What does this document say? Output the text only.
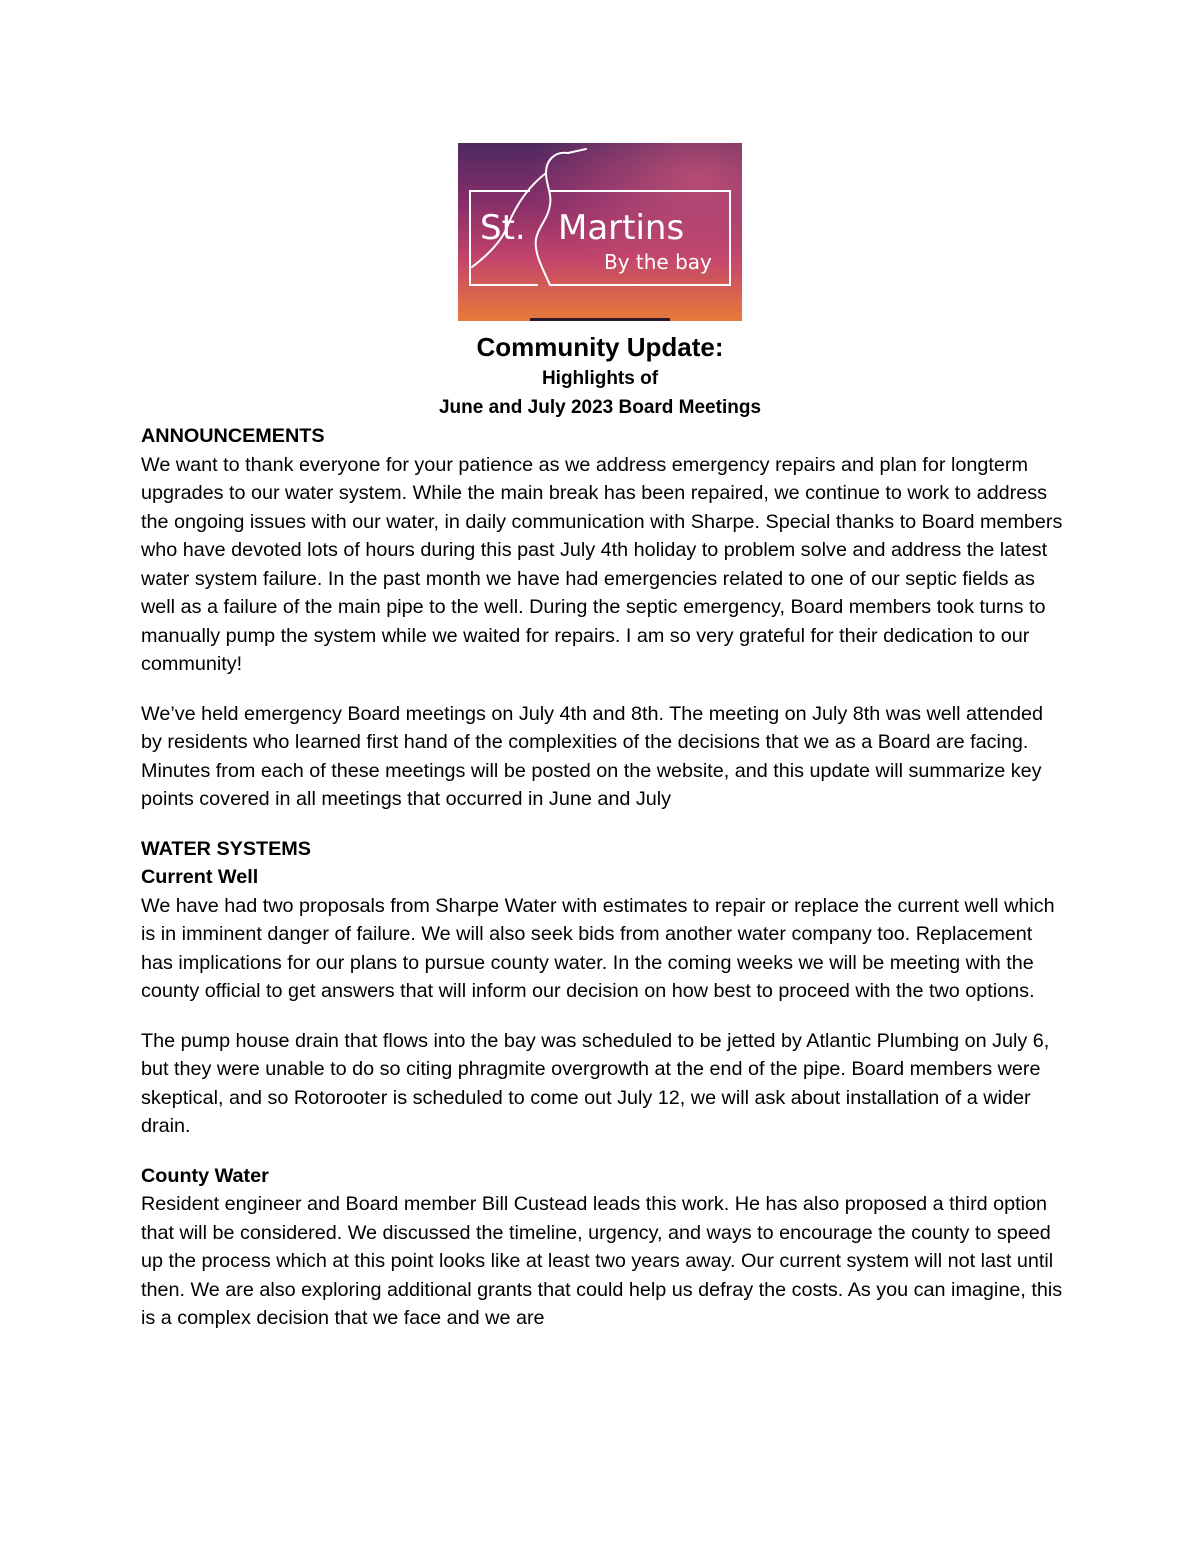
St. Martins
By the bay
Community Update:
Highlights of
June and July 2023 Board Meetings

ANNOUNCEMENTS

We want to thank everyone for your patience as we address emergency repairs and plan for longterm upgrades to our water system. While the main break has been repaired, we continue to work to address the ongoing issues with our water, in daily communication with Sharpe. Special thanks to Board members who have devoted lots of hours during this past July 4th holiday to problem solve and address the latest water system failure. In the past month we have had emergencies related to one of our septic fields as well as a failure of the main pipe to the well. During the septic emergency, Board members took turns to manually pump the system while we waited for repairs. I am so very grateful for their dedication to our community!

We’ve held emergency Board meetings on July 4th and 8th. The meeting on July 8th was well attended by residents who learned first hand of the complexities of the decisions that we as a Board are facing. Minutes from each of these meetings will be posted on the website, and this update will summarize key points covered in all meetings that occurred in June and July

WATER SYSTEMS

Current Well

We have had two proposals from Sharpe Water with estimates to repair or replace the current well which is in imminent danger of failure. We will also seek bids from another water company too. Replacement has implications for our plans to pursue county water. In the coming weeks we will be meeting with the county official to get answers that will inform our decision on how best to proceed with the two options.

The pump house drain that flows into the bay was scheduled to be jetted by Atlantic Plumbing on July 6, but they were unable to do so citing phragmite overgrowth at the end of the pipe. Board members were skeptical, and so Rotorooter is scheduled to come out July 12, we will ask about installation of a wider drain.

County Water

Resident engineer and Board member Bill Custead leads this work. He has also proposed a third option that will be considered. We discussed the timeline, urgency, and ways to encourage the county to speed up the process which at this point looks like at least two years away. Our current system will not last until then. We are also exploring additional grants that could help us defray the costs. As you can imagine, this is a complex decision that we face and we are
